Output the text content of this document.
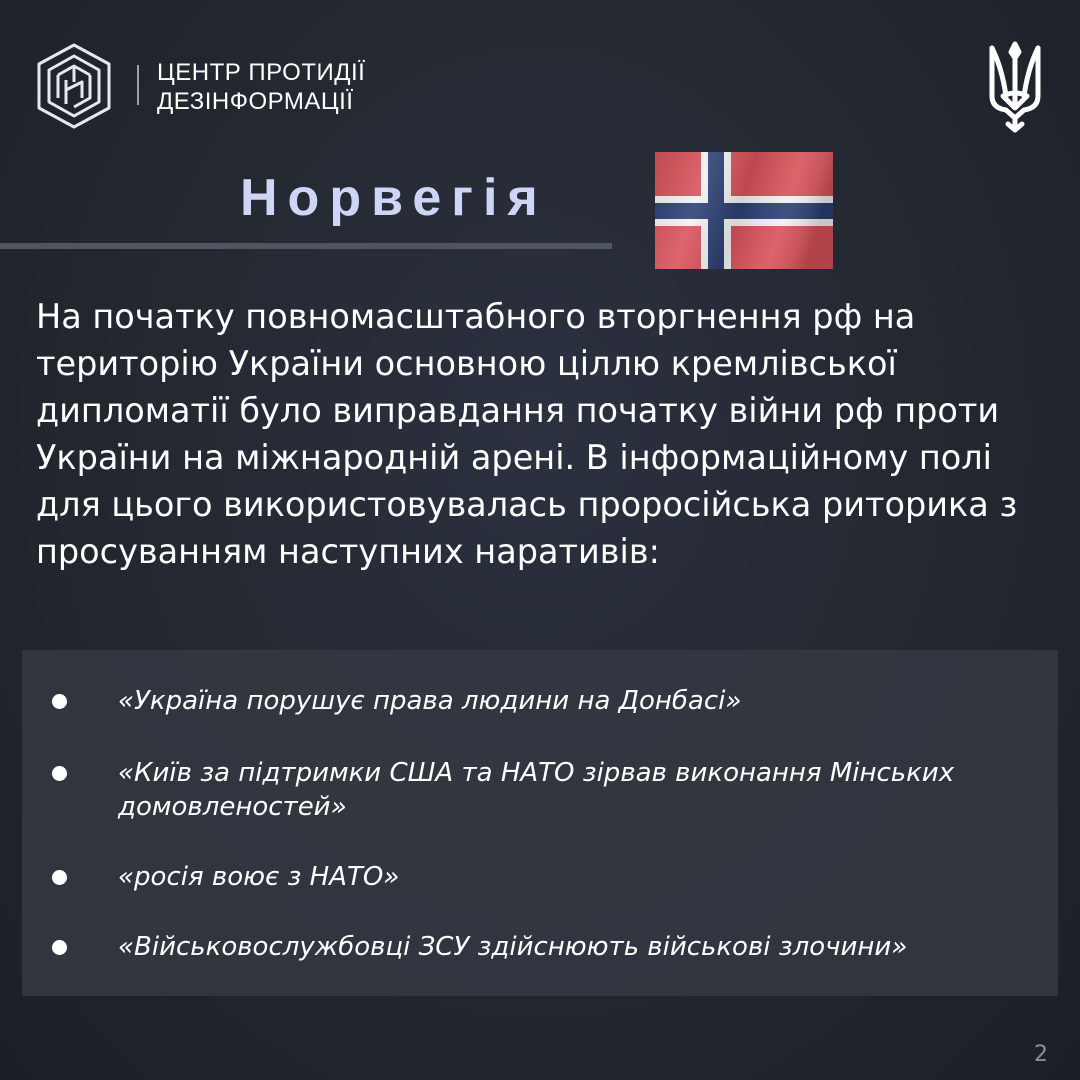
ЦЕНТР ПРОТИДІЇ
ДЕЗІНФОРМАЦІЇ
Норвегія

На початку повномасштабного вторгнення рф на територію України основною ціллю кремлівської дипломатії було виправдання початку війни рф проти України на міжнародній арені. В інформаційному полі для цього використовувалась проросійська риторика з просуванням наступних наративів:

«Україна порушує права людини на Донбасі»
«Київ за підтримки США та НАТО зірвав виконання Мінських домовленостей»
«росія воює з НАТО»
«Військовослужбовці ЗСУ здійснюють військові злочини»
2
